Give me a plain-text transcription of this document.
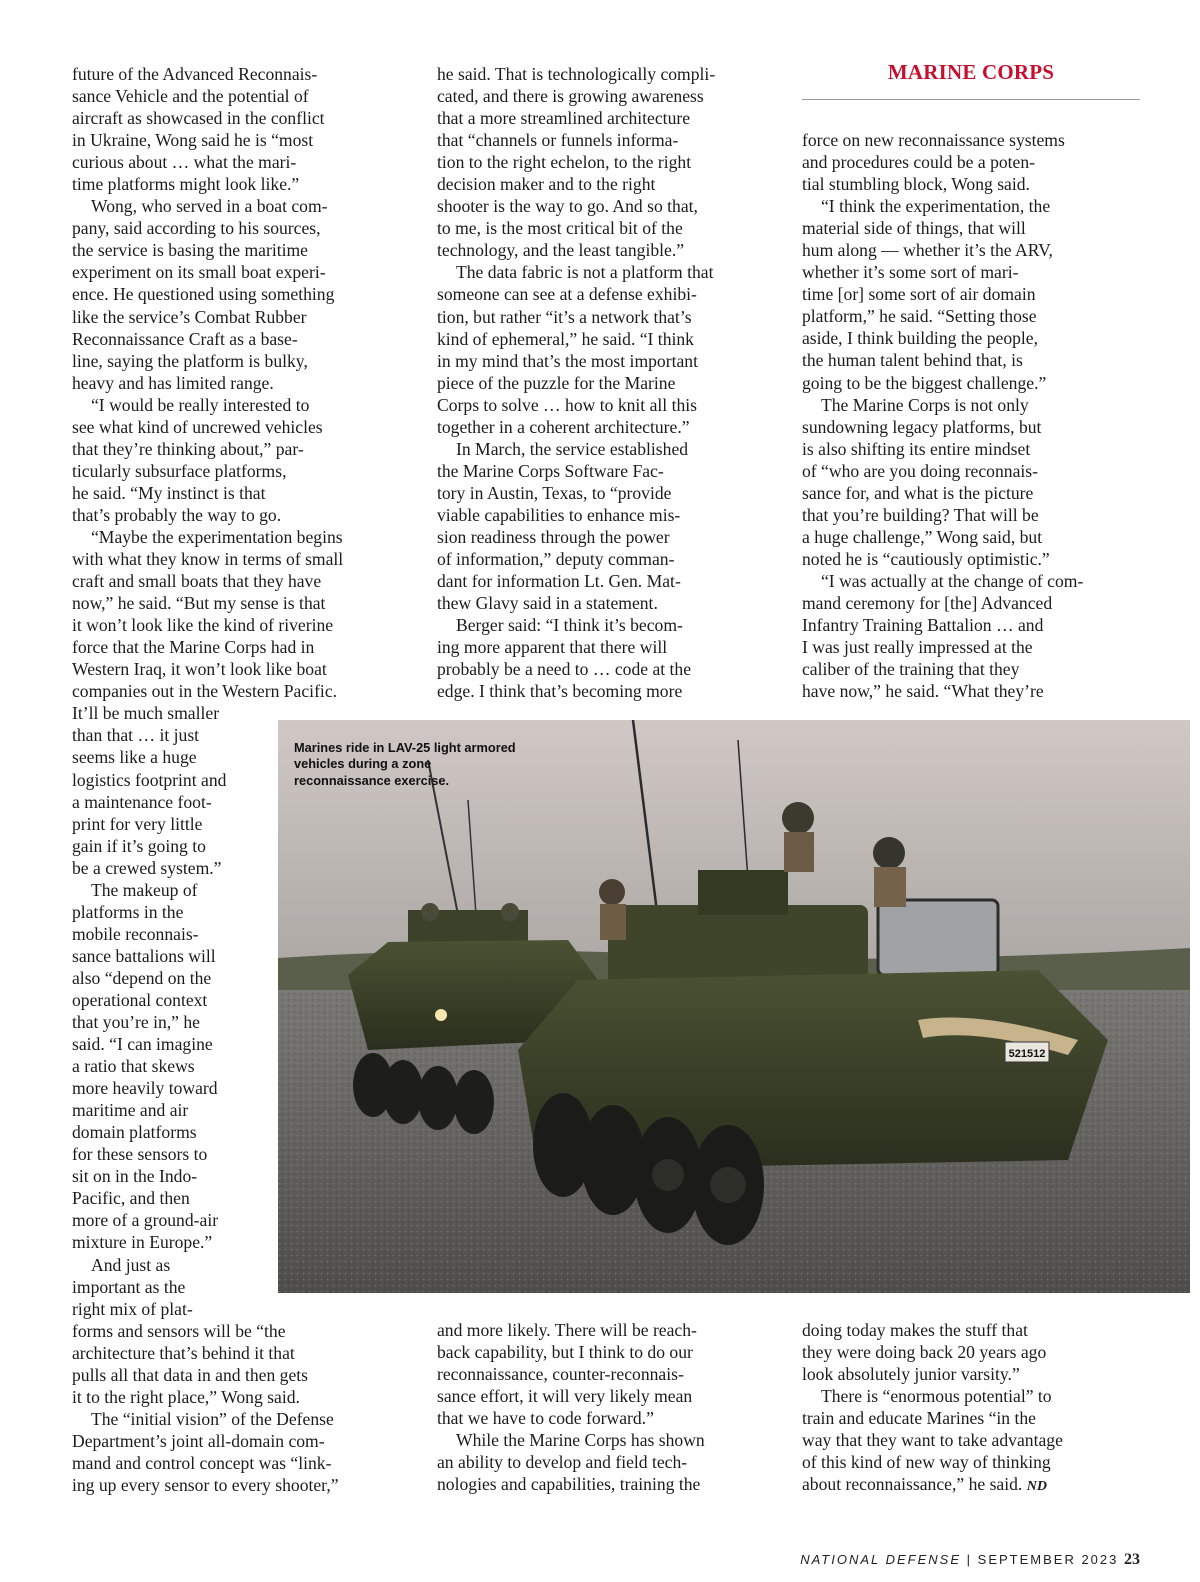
MARINE CORPS

future of the Advanced Reconnais-
sance Vehicle and the potential of
aircraft as showcased in the conflict
in Ukraine, Wong said he is “most
curious about … what the mari-
time platforms might look like.”

Wong, who served in a boat com-
pany, said according to his sources,
the service is basing the maritime
experiment on its small boat experi-
ence. He questioned using something
like the service’s Combat Rubber
Reconnaissance Craft as a base-
line, saying the platform is bulky,
heavy and has limited range.

“I would be really interested to
see what kind of uncrewed vehicles
that they’re thinking about,” par-
ticularly subsurface platforms,
he said. “My instinct is that
that’s probably the way to go.

“Maybe the experimentation begins
with what they know in terms of small
craft and small boats that they have
now,” he said. “But my sense is that
it won’t look like the kind of riverine
force that the Marine Corps had in
Western Iraq, it won’t look like boat
companies out in the Western Pacific.
It’ll be much smaller
than that … it just
seems like a huge
logistics footprint and
a maintenance foot-
print for very little
gain if it’s going to
be a crewed system.”

The makeup of
platforms in the
mobile reconnais-
sance battalions will
also “depend on the
operational context
that you’re in,” he
said. “I can imagine
a ratio that skews
more heavily toward
maritime and air
domain platforms
for these sensors to
sit on in the Indo-
Pacific, and then
more of a ground-air
mixture in Europe.”

And just as
important as the
right mix of plat-
forms and sensors will be “the
architecture that’s behind it that
pulls all that data in and then gets
it to the right place,” Wong said.

The “initial vision” of the Defense
Department’s joint all-domain com-
mand and control concept was “link-
ing up every sensor to every shooter,”

he said. That is technologically compli-
cated, and there is growing awareness
that a more streamlined architecture
that “channels or funnels informa-
tion to the right echelon, to the right
decision maker and to the right
shooter is the way to go. And so that,
to me, is the most critical bit of the
technology, and the least tangible.”

The data fabric is not a platform that
someone can see at a defense exhibi-
tion, but rather “it’s a network that’s
kind of ephemeral,” he said. “I think
in my mind that’s the most important
piece of the puzzle for the Marine
Corps to solve … how to knit all this
together in a coherent architecture.”

In March, the service established
the Marine Corps Software Fac-
tory in Austin, Texas, to “provide
viable capabilities to enhance mis-
sion readiness through the power
of information,” deputy comman-
dant for information Lt. Gen. Mat-
thew Glavy said in a statement.

Berger said: “I think it’s becom-
ing more apparent that there will
probably be a need to … code at the
edge. I think that’s becoming more

and more likely. There will be reach-
back capability, but I think to do our
reconnaissance, counter-reconnais-
sance effort, it will very likely mean
that we have to code forward.”

While the Marine Corps has shown
an ability to develop and field tech-
nologies and capabilities, training the

force on new reconnaissance systems
and procedures could be a poten-
tial stumbling block, Wong said.

“I think the experimentation, the
material side of things, that will
hum along — whether it’s the ARV,
whether it’s some sort of mari-
time [or] some sort of air domain
platform,” he said. “Setting those
aside, I think building the people,
the human talent behind that, is
going to be the biggest challenge.”

The Marine Corps is not only
sundowning legacy platforms, but
is also shifting its entire mindset
of “who are you doing reconnais-
sance for, and what is the picture
that you’re building? That will be
a huge challenge,” Wong said, but
noted he is “cautiously optimistic.”

“I was actually at the change of com-
mand ceremony for [the] Advanced
Infantry Training Battalion … and
I was just really impressed at the
caliber of the training that they
have now,” he said. “What they’re

doing today makes the stuff that
they were doing back 20 years ago
look absolutely junior varsity.”

There is “enormous potential” to
train and educate Marines “in the
way that they want to take advantage
of this kind of new way of thinking
about reconnaissance,” he said. ND

521512
Marines ride in LAV-25 light armored vehicles during a zone reconnaissance exercise.
NATIONAL DEFENSE | SEPTEMBER 2023 23
